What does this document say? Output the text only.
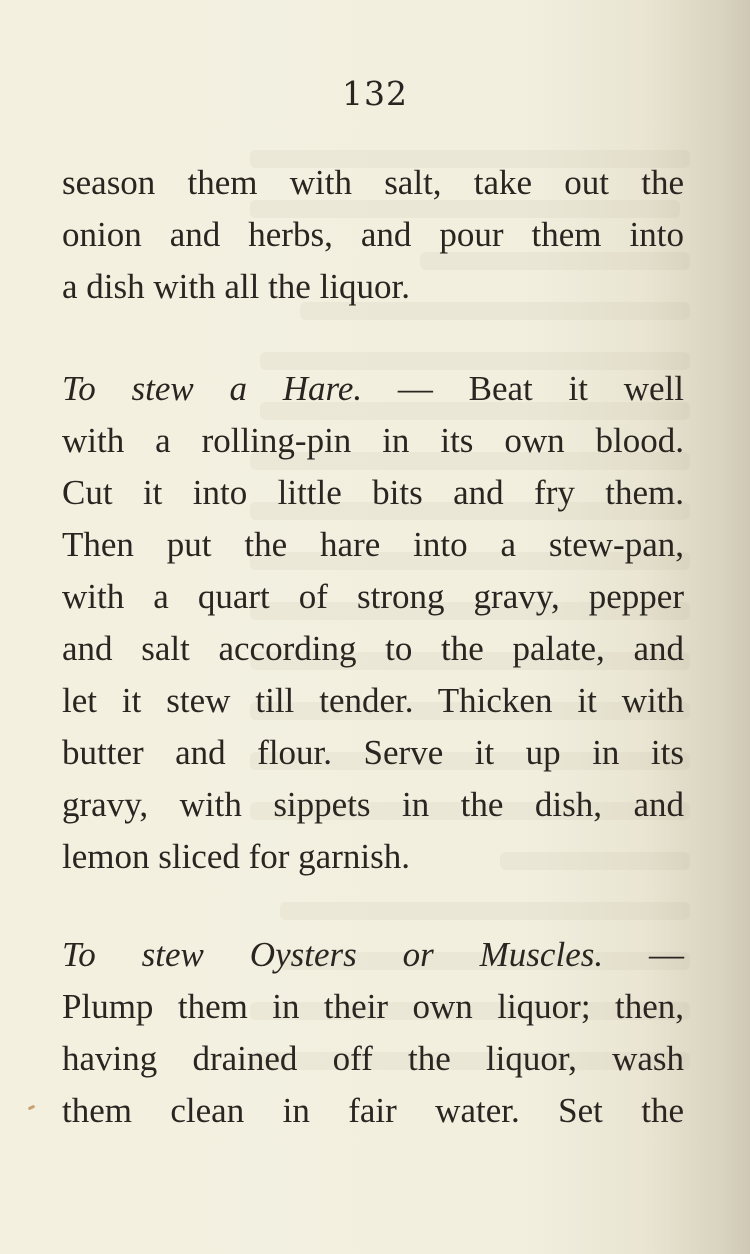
132
season them with salt, take out the
onion and herbs, and pour them into
a dish with all the liquor.
To stew a Hare. — Beat it well
with a rolling-pin in its own blood.
Cut it into little bits and fry them.
Then put the hare into a stew-pan,
with a quart of strong gravy, pepper
and salt according to the palate, and
let it stew till tender. Thicken it with
butter and flour. Serve it up in its
gravy, with sippets in the dish, and
lemon sliced for garnish.
To stew Oysters or Muscles. —
Plump them in their own liquor; then,
having drained off the liquor, wash
them clean in fair water. Set the
